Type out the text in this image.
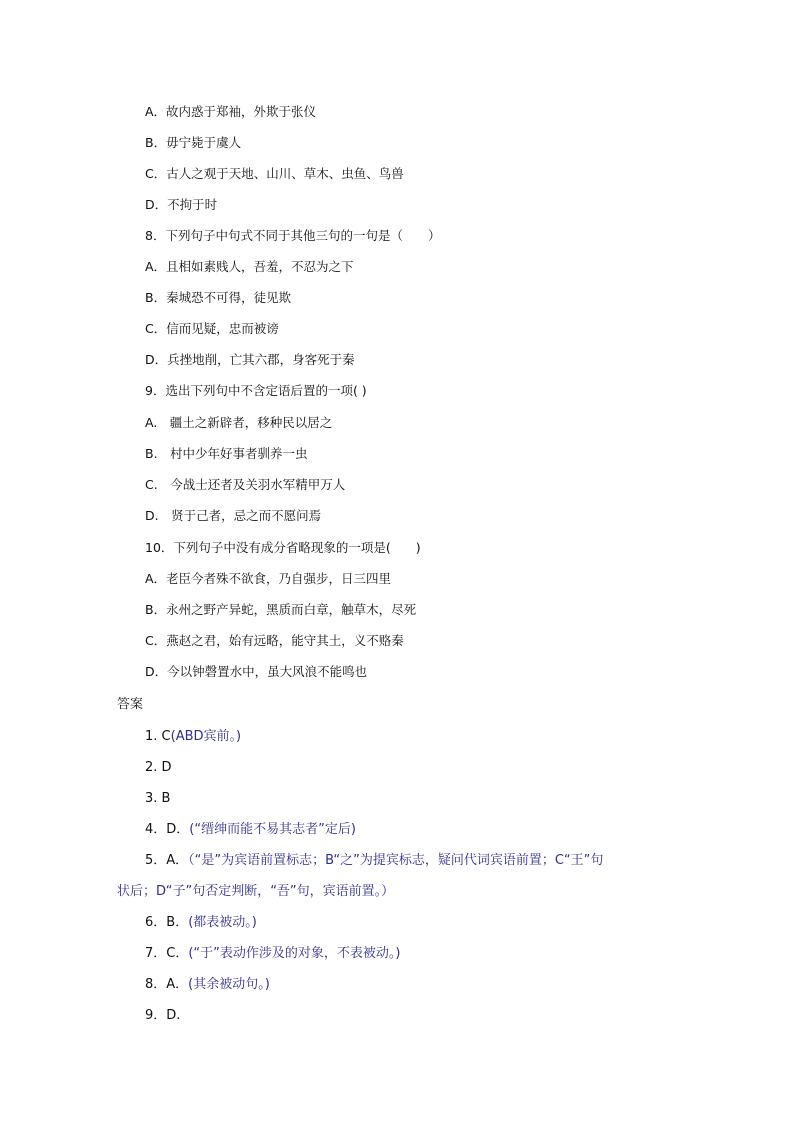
A．故内惑于郑袖，外欺于张仪
B．毋宁毙于虞人
C．古人之观于天地、山川、草木、虫鱼、鸟兽
D．不拘于时
8．下列句子中句式不同于其他三句的一句是（　　）
A．且相如素贱人，吾羞，不忍为之下
B．秦城恐不可得，徒见欺
C．信而见疑，忠而被谤
D．兵挫地削，亡其六郡，身客死于秦
9．选出下列句中不含定语后置的一项( )
A.　疆土之新辟者，移种民以居之
B.　村中少年好事者驯养一虫
C.　今战士还者及关羽水军精甲万人
D.　贤于己者，忌之而不愿问焉
10．下列句子中没有成分省略现象的一项是(　　)
A．老臣今者殊不欲食，乃自强步，日三四里
B．永州之野产异蛇，黑质而白章，触草木，尽死
C．燕赵之君，始有远略，能守其土，义不赂秦
D．今以钟磬置水中，虽大风浪不能鸣也
答案
1. C(ABD宾前。)
2. D
3. B
4．D．(“缙绅而能不易其志者”定后)
5．A．（“是”为宾语前置标志；B“之”为提宾标志，疑问代词宾语前置；C“王”句
状后；D“子”句否定判断，“吾”句，宾语前置。）
6．B．(都表被动。)
7．C．(“于”表动作涉及的对象，不表被动。)
8．A．(其余被动句。)
9．D.
